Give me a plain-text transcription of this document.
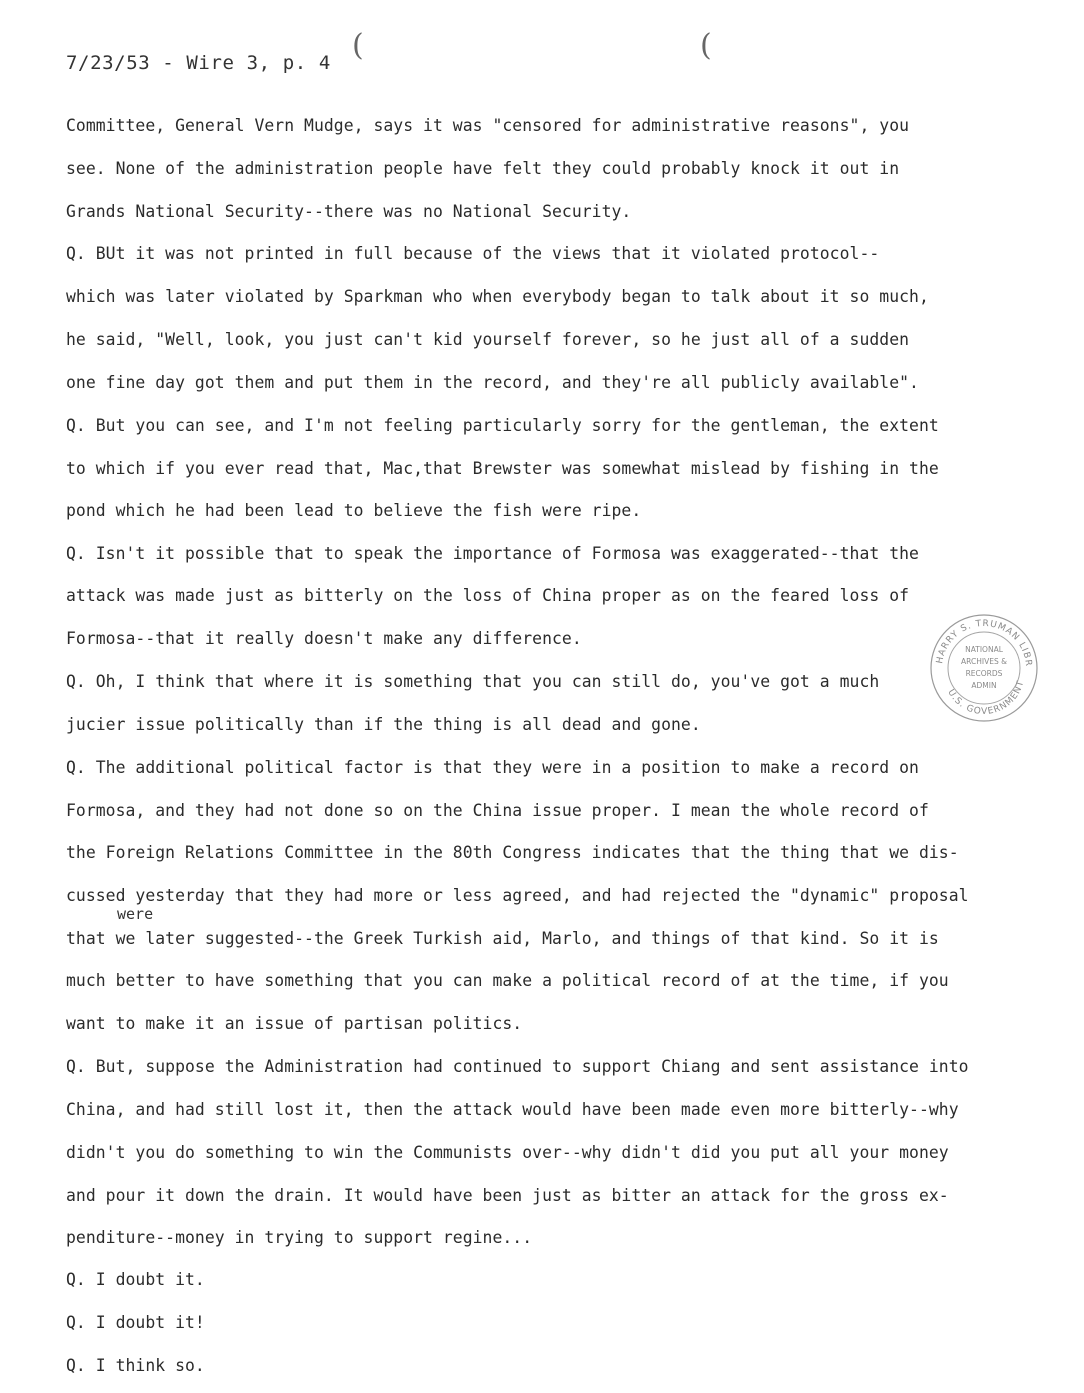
7/23/53 - Wire 3, p. 4 (	(
Committee, General Vern Mudge, says it was "censored for administrative reasons", you
see. None of the administration people have felt they could probably knock it out in
Grands National Security--there was no National Security.
Q. BUt it was not printed in full because of the views that it violated protocol--
which was later violated by Sparkman who when everybody began to talk about it so much,
he said, "Well, look, you just can't kid yourself forever, so he just all of a sudden
one fine day got them and put them in the record, and they're all publicly available".
Q. But you can see, and I'm not feeling particularly sorry for the gentleman, the extent
to which if you ever read that, Mac,that Brewster was somewhat mislead by fishing in the
pond which he had been lead to believe the fish were ripe.
Q. Isn't it possible that to speak the importance of Formosa was exaggerated--that the
attack was made just as bitterly on the loss of China proper as on the feared loss of
Formosa--that it really doesn't make any difference.
Q. Oh, I think that where it is something that you can still do, you've got a much
jucier issue politically than if the thing is all dead and gone.
Q. The additional political factor is that they were in a position to make a record on
Formosa, and they had not done so on the China issue proper. I mean the whole record of
the Foreign Relations Committee in the 80th Congress indicates that the thing that we dis-
cussed yesterday that they had more or less agreed, and had rejected the "dynamic" proposal
were
that we later suggested--the Greek Turkish aid, Marlo, and things of that kind. So it is
much better to have something that you can make a political record of at the time, if you
want to make it an issue of partisan politics.
Q. But, suppose the Administration had continued to support Chiang and sent assistance into
China, and had still lost it, then the attack would have been made even more bitterly--why
didn't you do something to win the Communists over--why didn't did you put all your money
and pour it down the drain. It would have been just as bitter an attack for the gross ex-
penditure--money in trying to support regine...
Q. I doubt it.
Q. I doubt it!
Q. I think so.
HARRY S. TRUMAN LIBR
U.S. GOVERNMENT
NATIONAL
ARCHIVES &
RECORDS
ADMIN
